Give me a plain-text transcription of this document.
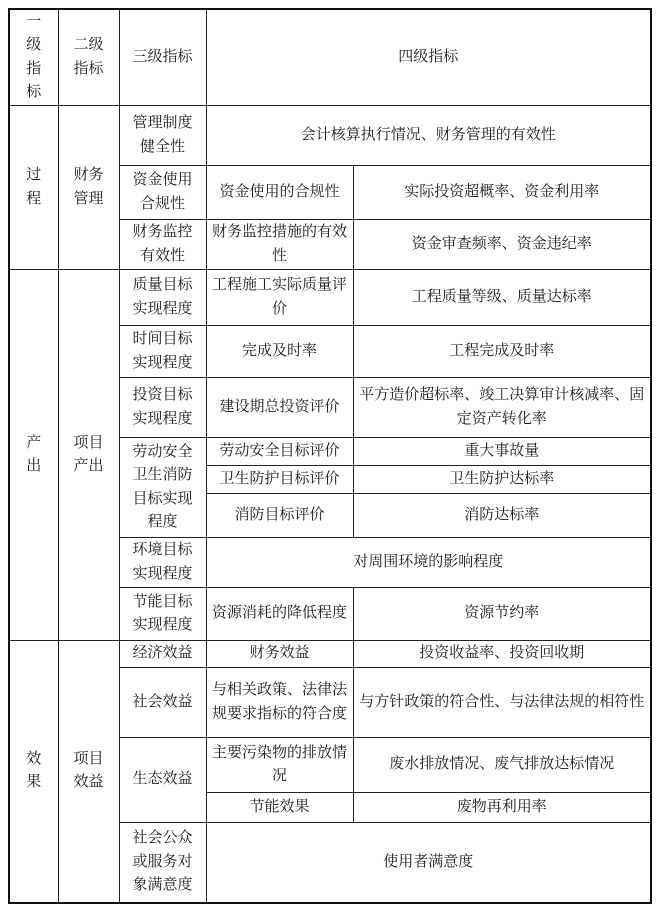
一级指标	二级指标	三级指标	四级指标	
过程	财务管理	管理制度健全性	会计核算执行情况、财务管理的有效性	
		资金使用合规性	资金使用的合规性	实际投资超概率、资金利用率
		财务监控有效性	财务监控措施的有效性	资金审查频率、资金违纪率
产出	项目产出	质量目标实现程度	工程施工实际质量评价	工程质量等级、质量达标率
		时间目标实现程度	完成及时率	工程完成及时率
		投资目标实现程度	建设期总投资评价	平方造价超标率、竣工决算审计核减率、固定资产转化率
		劳动安全卫生消防目标实现程度	劳动安全目标评价	重大事故量
			卫生防护目标评价	卫生防护达标率
			消防目标评价	消防达标率
		环境目标实现程度	对周围环境的影响程度	
		节能目标实现程度	资源消耗的降低程度	资源节约率
效果	项目效益	经济效益	财务效益	投资收益率、投资回收期
		社会效益	与相关政策、法律法规要求指标的符合度	与方针政策的符合性、与法律法规的相符性
		生态效益	主要污染物的排放情况	废水排放情况、废气排放达标情况
			节能效果	废物再利用率
		社会公众或服务对象满意度	使用者满意度	
